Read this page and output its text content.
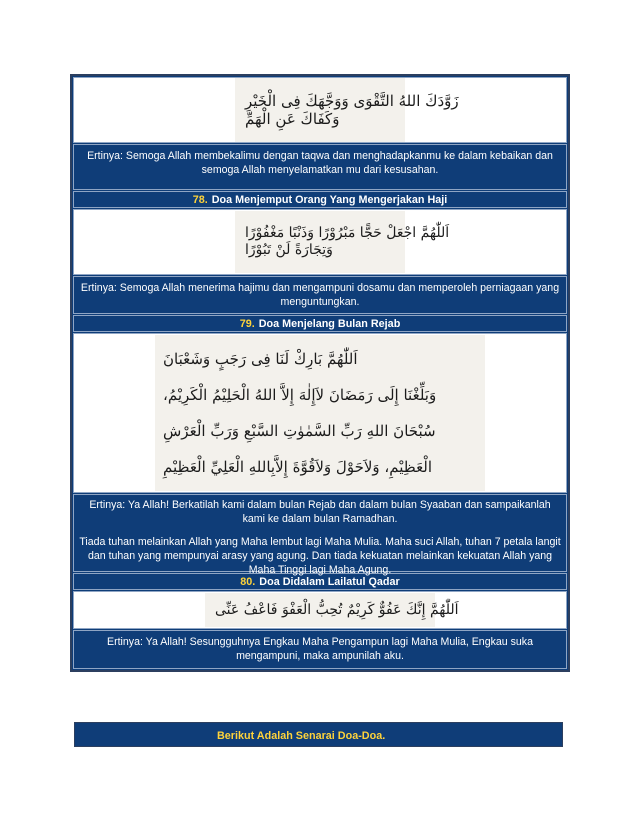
زَوَّدَكَ اللهُ التَّقْوَى وَوَجَّهَكَ فِى الْخَيْرِ
وَكَفَاكَ عَنِ الْهَمِّ

Ertinya: Semoga Allah membekalimu dengan taqwa dan menghadapkanmu ke dalam kebaikan dan semoga Allah menyelamatkan mu dari kesusahan.

78. Doa Menjemput Orang Yang Mengerjakan Haji
اَللّٰهُمَّ اجْعَلْ حَجًّا مَبْرُوْرًا وَذَنْبًا مَغْفُوْرًا
وَتِجَارَةً لَنْ تَبُوْرًا

Ertinya: Semoga Allah menerima hajimu dan mengampuni dosamu dan memperoleh perniagaan yang menguntungkan.

79. Doa Menjelang Bulan Rejab
اَللّٰهُمَّ بَارِكْ لَنَا فِى رَجَبٍ وَشَعْبَانَ
وَبَلِّغْنَا إِلَى رَمَضَانَ لاَإِلٰهَ إِلاَّ اللهُ الْحَلِيْمُ الْكَرِيْمُ،
سُبْحَانَ اللهِ رَبِّ السَّمٰوٰتِ السَّبْعِ وَرَبِّ الْعَرْشِ
الْعَظِيْمِ، وَلاَحَوْلَ وَلاَقُوَّةَ إِلاَّبِاللهِ الْعَلِيِّ الْعَظِيْمِ

Ertinya: Ya Allah! Berkatilah kami dalam bulan Rejab dan dalam bulan Syaaban dan sampaikanlah kami ke dalam bulan Ramadhan.

Tiada tuhan melainkan Allah yang Maha lembut lagi Maha Mulia. Maha suci Allah, tuhan 7 petala langit dan tuhan yang mempunyai arasy yang agung. Dan tiada kekuatan melainkan kekuatan Allah yang Maha Tinggi lagi Maha Agung.

80. Doa Didalam Lailatul Qadar
اَللّٰهُمَّ إِنَّكَ عَفُوٌّ كَرِيْمٌ تُحِبُّ الْعَفْوَ فَاعْفُ عَنِّى

Ertinya: Ya Allah! Sesungguhnya Engkau Maha Pengampun lagi Maha Mulia, Engkau suka mengampuni, maka ampunilah aku.

Berikut Adalah Senarai Doa-Doa.
